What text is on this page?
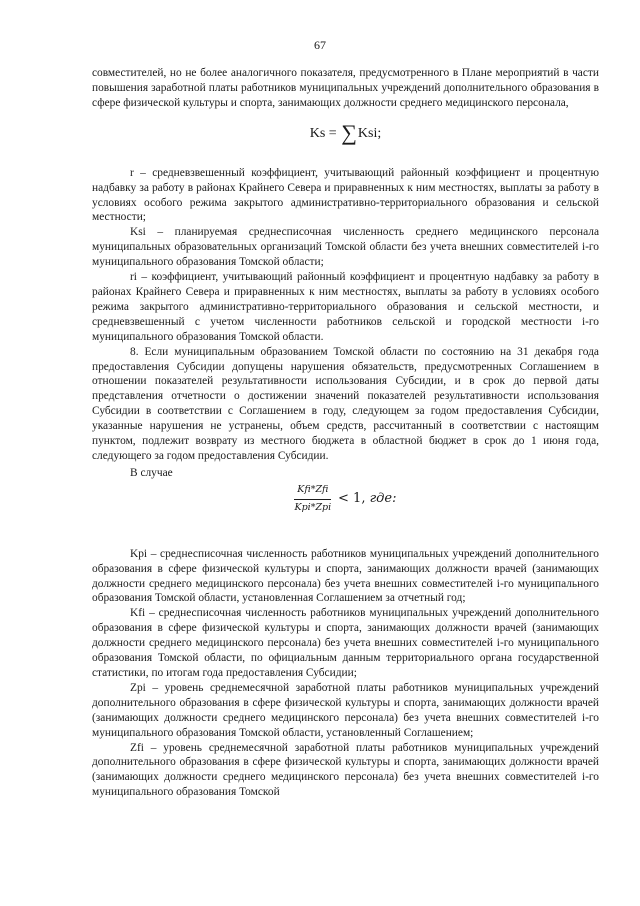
67

совместителей, но не более аналогичного показателя, предусмотренного в Плане мероприятий в части повышения заработной платы работников муниципальных учреждений дополнительного образования в сфере физической культуры и спорта, занимающих должности среднего медицинского персонала,

Ks = ∑Ksi;

r – средневзвешенный коэффициент, учитывающий районный коэффициент и процентную надбавку за работу в районах Крайнего Севера и приравненных к ним местностях, выплаты за работу в условиях особого режима закрытого административно-территориального образования и сельской местности;

Ksi – планируемая среднесписочная численность среднего медицинского персонала муниципальных образовательных организаций Томской области без учета внешних совместителей i-го муниципального образования Томской области;

ri – коэффициент, учитывающий районный коэффициент и процентную надбавку за работу в районах Крайнего Севера и приравненных к ним местностях, выплаты за работу в условиях особого режима закрытого административно-территориального образования и сельской местности, и средневзвешенный с учетом численности работников сельской и городской местности i-го муниципального образования Томской области.

8. Если муниципальным образованием Томской области по состоянию на 31 декабря года предоставления Субсидии допущены нарушения обязательств, предусмотренных Соглашением в отношении показателей результативности использования Субсидии, и в срок до первой даты представления отчетности о достижении значений показателей результативности использования Субсидии в соответствии с Соглашением в году, следующем за годом предоставления Субсидии, указанные нарушения не устранены, объем средств, рассчитанный в соответствии с настоящим пунктом, подлежит возврату из местного бюджета в областной бюджет в срок до 1 июня года, следующего за годом предоставления Субсидии.

В случае

$\frac{\text{Kfi*Zfi}}{\text{Kpi*Zpi}} < 1$, где:

Kpi – среднесписочная численность работников муниципальных учреждений дополнительного образования в сфере физической культуры и спорта, занимающих должности врачей (занимающих должности среднего медицинского персонала) без учета внешних совместителей i-го муниципального образования Томской области, установленная Соглашением за отчетный год;

Kfi – среднесписочная численность работников муниципальных учреждений дополнительного образования в сфере физической культуры и спорта, занимающих должности врачей (занимающих должности среднего медицинского персонала) без учета внешних совместителей i-го муниципального образования Томской области, по официальным данным территориального органа государственной статистики, по итогам года предоставления Субсидии;

Zpi – уровень среднемесячной заработной платы работников муниципальных учреждений дополнительного образования в сфере физической культуры и спорта, занимающих должности врачей (занимающих должности среднего медицинского персонала) без учета внешних совместителей i-го муниципального образования Томской области, установленный Соглашением;

Zfi – уровень среднемесячной заработной платы работников муниципальных учреждений дополнительного образования в сфере физической культуры и спорта, занимающих должности врачей (занимающих должности среднего медицинского персонала) без учета внешних совместителей i-го муниципального образования Томской
